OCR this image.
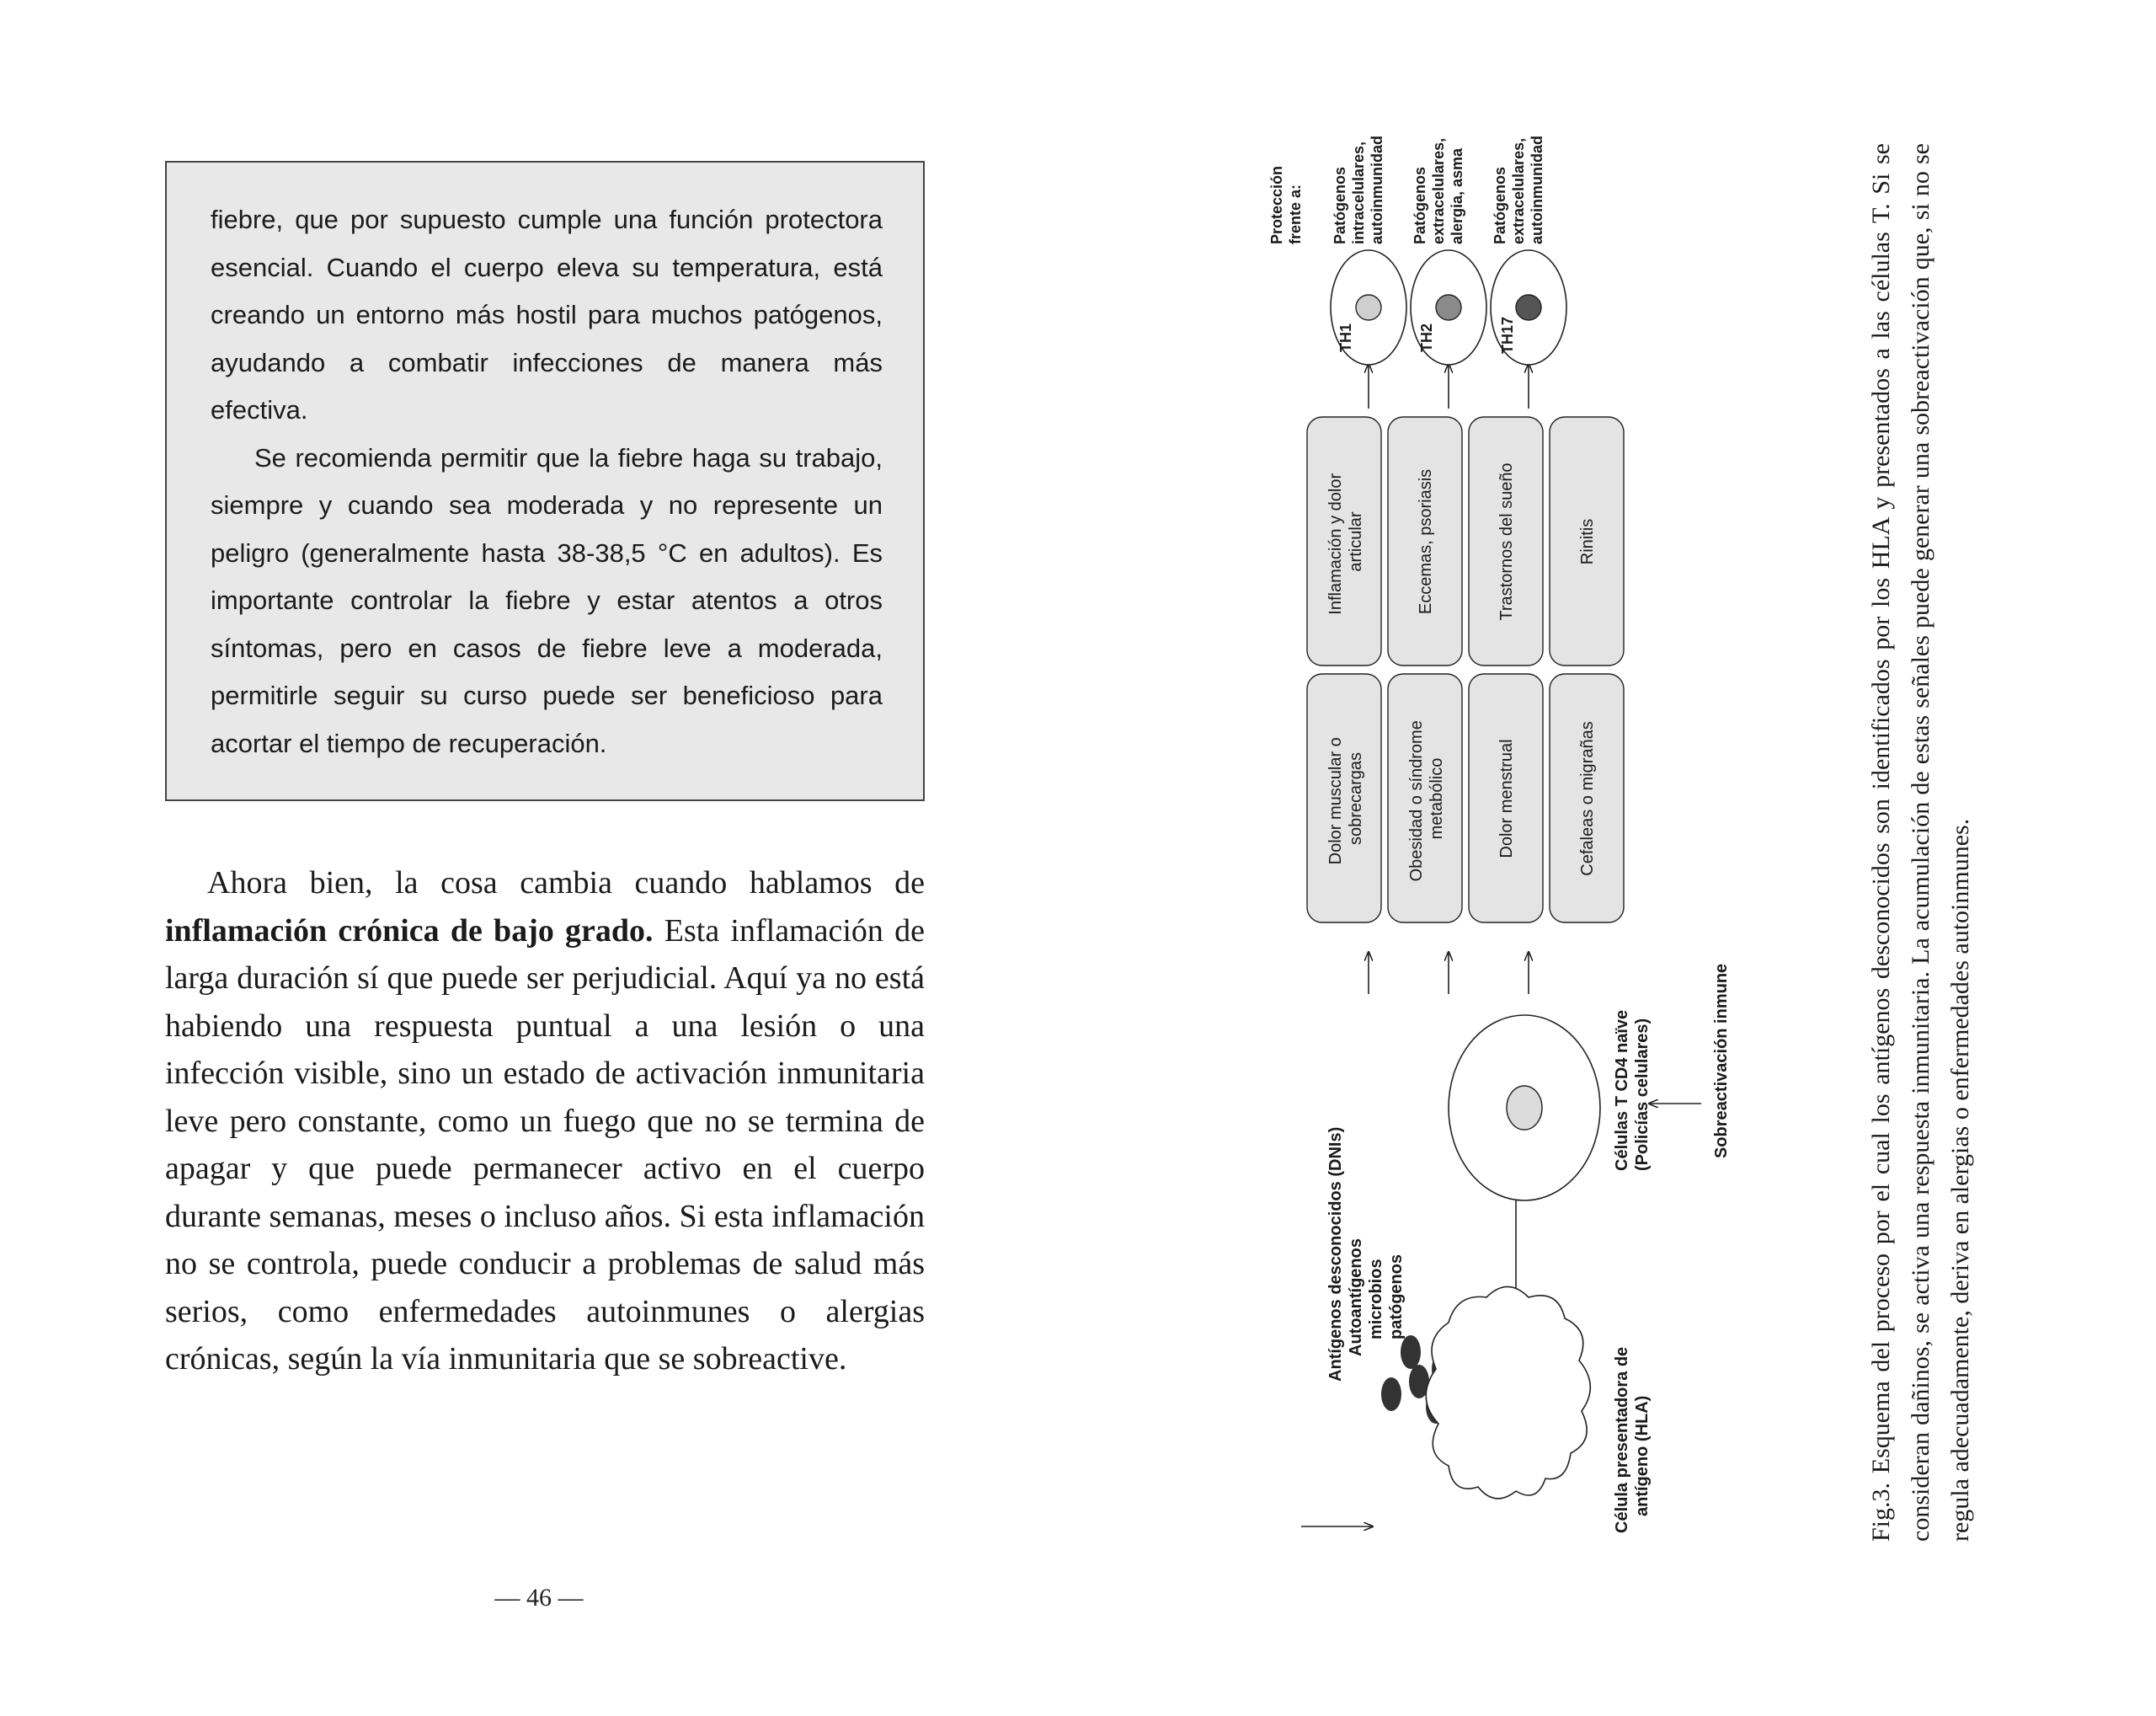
fiebre, que por supuesto cumple una función protectora esencial. Cuando el cuerpo eleva su temperatura, está creando un entorno más hostil para muchos patógenos, ayudando a combatir infecciones de manera más efectiva.

Se recomienda permitir que la fiebre haga su trabajo, siempre y cuando sea moderada y no represente un peligro (generalmente hasta 38-38,5 °C en adultos). Es importante controlar la fiebre y estar atentos a otros síntomas, pero en casos de fiebre leve a moderada, permitirle seguir su curso puede ser beneficioso para acortar el tiempo de recuperación.

Ahora bien, la cosa cambia cuando hablamos de inflamación crónica de bajo grado. Esta inflamación de larga duración sí que puede ser perjudicial. Aquí ya no está habiendo una respuesta puntual a una lesión o una infección visible, sino un estado de activación inmunitaria leve pero constante, como un fuego que no se termina de apagar y que puede permanecer activo en el cuerpo durante semanas, meses o incluso años. Si esta inflamación no se controla, puede conducir a problemas de salud más serios, como enfermedades autoinmunes o alergias crónicas, según la vía inmunitaria que se sobreactive.

— 46 —
Antígenos desconocidos (DNIs) Autoantígenos microbios patógenos
Célula presentadora de antígeno (HLA)
Células T CD4 naïve (Policías celulares)	Sobreactivación inmune
Dolor muscular o sobrecargas	Obesidad o síndrome metabólico	Dolor menstrual	Cefaleas o migrañas
Inflamación y dolor articular	Eccemas, psoriasis	Trastornos del sueño	Rinitis
TH1	TH2	TH17
Protección frente a: Patógenos intracelulares, autoinmunidad Patógenos extracelulares, alergia, asma Patógenos extracelulares, autoinmunidad	Fig.3. Esquema del proceso por el cual los antígenos desconocidos son identificados por los HLA y presentados a las células T. Si se consideran dañinos, se activa una respuesta inmunitaria. La acumulación de estas señales puede generar una sobreactivación que, si no se regula adecuadamente, deriva en alergias o enfermedades autoinmunes.
